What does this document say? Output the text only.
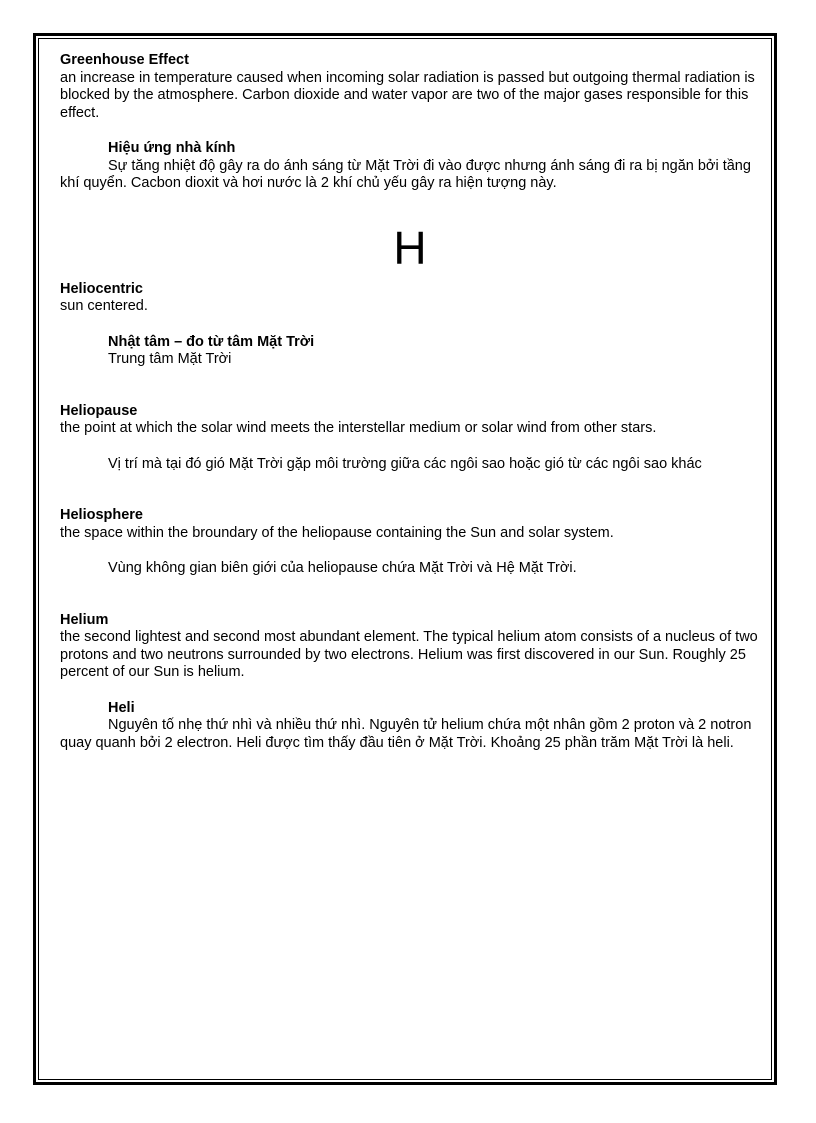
Greenhouse Effect

an increase in temperature caused when incoming solar radiation is passed but outgoing thermal radiation is blocked by the atmosphere. Carbon dioxide and water vapor are two of the major gases responsible for this effect.

Hiệu ứng nhà kính

Sự tăng nhiệt độ gây ra do ánh sáng từ Mặt Trời đi vào được nhưng ánh sáng đi ra bị ngăn bởi tầng khí quyển. Cacbon dioxit và hơi nước là 2 khí chủ yếu gây ra hiện tượng này.

H

Heliocentric

sun centered.

Nhật tâm – đo từ tâm Mặt Trời

Trung tâm Mặt Trời

Heliopause

the point at which the solar wind meets the interstellar medium or solar wind from other stars.

Vị trí mà tại đó gió Mặt Trời gặp môi trường giữa các ngôi sao hoặc gió từ các ngôi sao khác

Heliosphere

the space within the broundary of the heliopause containing the Sun and solar system.

Vùng không gian biên giới của heliopause chứa Mặt Trời và Hệ Mặt Trời.

Helium

the second lightest and second most abundant element. The typical helium atom consists of a nucleus of two protons and two neutrons surrounded by two electrons. Helium was first discovered in our Sun. Roughly 25 percent of our Sun is helium.

Heli

Nguyên tố nhẹ thứ nhì và nhiều thứ nhì. Nguyên tử helium chứa một nhân gồm 2 proton và 2 notron quay quanh bởi 2 electron. Heli được tìm thấy đầu tiên ở Mặt Trời. Khoảng 25 phần trăm Mặt Trời là heli.
